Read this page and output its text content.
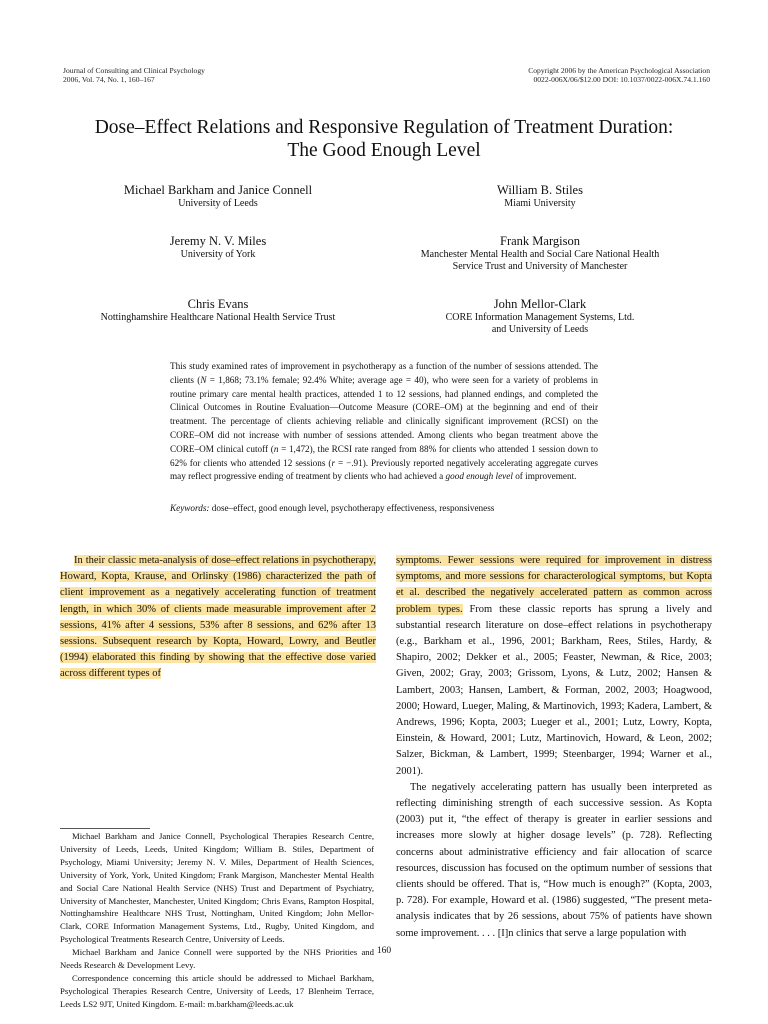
Journal of Consulting and Clinical Psychology
2006, Vol. 74, No. 1, 160–167
Copyright 2006 by the American Psychological Association
0022-006X/06/$12.00 DOI: 10.1037/0022-006X.74.1.160
Dose–Effect Relations and Responsive Regulation of Treatment Duration:
The Good Enough Level
Michael Barkham and Janice Connell
University of Leeds
William B. Stiles
Miami University
Jeremy N. V. Miles
University of York
Frank Margison
Manchester Mental Health and Social Care National Health
Service Trust and University of Manchester
Chris Evans
Nottinghamshire Healthcare National Health Service Trust
John Mellor-Clark
CORE Information Management Systems, Ltd.
and University of Leeds
This study examined rates of improvement in psychotherapy as a function of the number of sessions attended. The clients (N = 1,868; 73.1% female; 92.4% White; average age = 40), who were seen for a variety of problems in routine primary care mental health practices, attended 1 to 12 sessions, had planned endings, and completed the Clinical Outcomes in Routine Evaluation—Outcome Measure (CORE–OM) at the beginning and end of their treatment. The percentage of clients achieving reliable and clinically significant improvement (RCSI) on the CORE–OM did not increase with number of sessions attended. Among clients who began treatment above the CORE–OM clinical cutoff (n = 1,472), the RCSI rate ranged from 88% for clients who attended 1 session down to 62% for clients who attended 12 sessions (r = −.91). Previously reported negatively accelerating aggregate curves may reflect progressive ending of treatment by clients who had achieved a good enough level of improvement.
Keywords: dose–effect, good enough level, psychotherapy effectiveness, responsiveness

In their classic meta-analysis of dose–effect relations in psychotherapy, Howard, Kopta, Krause, and Orlinsky (1986) characterized the path of client improvement as a negatively accelerating function of treatment length, in which 30% of clients made measurable improvement after 2 sessions, 41% after 4 sessions, 53% after 8 sessions, and 62% after 13 sessions. Subsequent research by Kopta, Howard, Lowry, and Beutler (1994) elaborated this finding by showing that the effective dose varied across different types of

symptoms. Fewer sessions were required for improvement in distress symptoms, and more sessions for characterological symptoms, but Kopta et al. described the negatively accelerated pattern as common across problem types. From these classic reports has sprung a lively and substantial research literature on dose–effect relations in psychotherapy (e.g., Barkham et al., 1996, 2001; Barkham, Rees, Stiles, Hardy, & Shapiro, 2002; Dekker et al., 2005; Feaster, Newman, & Rice, 2003; Given, 2002; Gray, 2003; Grissom, Lyons, & Lutz, 2002; Hansen & Lambert, 2003; Hansen, Lambert, & Forman, 2002, 2003; Hoagwood, 2000; Howard, Lueger, Maling, & Martinovich, 1993; Kadera, Lambert, & Andrews, 1996; Kopta, 2003; Lueger et al., 2001; Lutz, Lowry, Kopta, Einstein, & Howard, 2001; Lutz, Martinovich, Howard, & Leon, 2002; Salzer, Bickman, & Lambert, 1999; Steenbarger, 1994; Warner et al., 2001).

The negatively accelerating pattern has usually been interpreted as reflecting diminishing strength of each successive session. As Kopta (2003) put it, “the effect of therapy is greater in earlier sessions and increases more slowly at higher dosage levels” (p. 728). Reflecting concerns about administrative efficiency and fair allocation of scarce resources, discussion has focused on the optimum number of sessions that clients should be offered. That is, “How much is enough?” (Kopta, 2003, p. 728). For example, Howard et al. (1986) suggested, “The present meta-analysis indicates that by 26 sessions, about 75% of patients have shown some improvement. . . . [I]n clinics that serve a large population with

Michael Barkham and Janice Connell, Psychological Therapies Research Centre, University of Leeds, Leeds, United Kingdom; William B. Stiles, Department of Psychology, Miami University; Jeremy N. V. Miles, Department of Health Sciences, University of York, York, United Kingdom; Frank Margison, Manchester Mental Health and Social Care National Health Service (NHS) Trust and Department of Psychiatry, University of Manchester, Manchester, United Kingdom; Chris Evans, Rampton Hospital, Nottinghamshire Healthcare NHS Trust, Nottingham, United Kingdom; John Mellor-Clark, CORE Information Management Systems, Ltd., Rugby, United Kingdom, and Psychological Treatments Research Centre, University of Leeds.

Michael Barkham and Janice Connell were supported by the NHS Priorities and Needs Research & Development Levy.

Correspondence concerning this article should be addressed to Michael Barkham, Psychological Therapies Research Centre, University of Leeds, 17 Blenheim Terrace, Leeds LS2 9JT, United Kingdom. E-mail: m.barkham@leeds.ac.uk

160
